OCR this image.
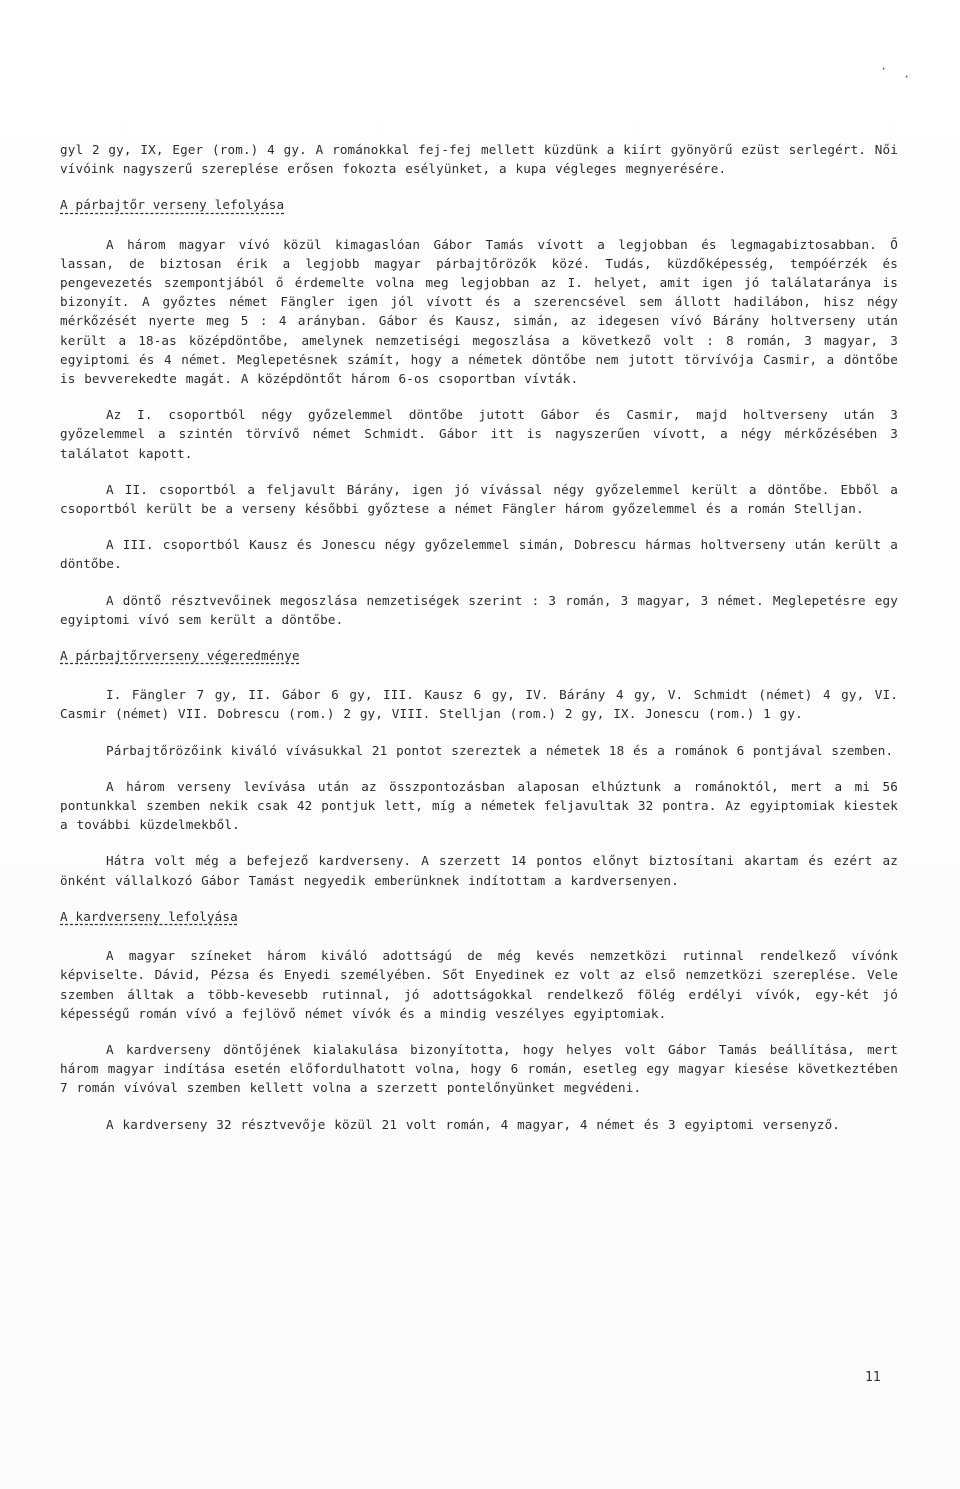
·
·

gyl 2 gy, IX, Eger (rom.) 4 gy. A románokkal fej-fej mellett küzdünk a kiírt gyönyörű ezüst serlegért. Női vívóink nagyszerű szereplése erősen fokozta esélyünket, a kupa végleges megnyerésére.

A párbajtőr verseny lefolyása

A három magyar vívó közül kimagaslóan Gábor Tamás vívott a legjobban és legmagabiztosabban. Ő lassan, de biztosan érik a legjobb magyar párbajtőrözők közé. Tudás, küzdőképesség, tempóérzék és pengevezetés szempontjából ő érdemelte volna meg legjobban az I. helyet, amit igen jó találataránya is bizonyít. A győztes német Fängler igen jól vívott és a szerencsével sem állott hadilábon, hisz négy mérkőzését nyerte meg 5 : 4 arányban. Gábor és Kausz, simán, az idegesen vívó Bárány holtverseny után került a 18-as középdöntőbe, amelynek nemzetiségi megoszlása a következő volt : 8 román, 3 magyar, 3 egyiptomi és 4 német. Meglepetésnek számít, hogy a németek döntőbe nem jutott törvívója Casmir, a döntőbe is bevverekedte magát. A középdöntőt három 6-os csoportban vívták.

Az I. csoportból négy győzelemmel döntőbe jutott Gábor és Casmir, majd holtverseny után 3 győzelemmel a szintén törvívő német Schmidt. Gábor itt is nagyszerűen vívott, a négy mérkőzésében 3 találatot kapott.

A II. csoportból a feljavult Bárány, igen jó vívással négy győzelemmel került a döntőbe. Ebből a csoportból került be a verseny későbbi győztese a német Fängler három győzelemmel és a román Stelljan.

A III. csoportból Kausz és Jonescu négy győzelemmel simán, Dobrescu hármas holtverseny után került a döntőbe.

A döntő résztvevőinek megoszlása nemzetiségek szerint : 3 román, 3 magyar, 3 német. Meglepetésre egy egyiptomi vívó sem került a döntőbe.

A párbajtőrverseny végeredménye

I. Fängler 7 gy, II. Gábor 6 gy, III. Kausz 6 gy, IV. Bárány 4 gy, V. Schmidt (német) 4 gy, VI. Casmir (német) VII. Dobrescu (rom.) 2 gy, VIII. Stelljan (rom.) 2 gy, IX. Jonescu (rom.) 1 gy.

Párbajtőrözőink kiváló vívásukkal 21 pontot szereztek a németek 18 és a románok 6 pontjával szemben.

A három verseny levívása után az összpontozásban alaposan elhúztunk a románoktól, mert a mi 56 pontunkkal szemben nekik csak 42 pontjuk lett, míg a németek feljavultak 32 pontra. Az egyiptomiak kiestek a további küzdelmekből.

Hátra volt még a befejező kardverseny. A szerzett 14 pontos előnyt biztosítani akartam és ezért az önként vállalkozó Gábor Tamást negyedik emberünknek indítottam a kardversenyen.

A kardverseny lefolyása

A magyar színeket három kiváló adottságú de még kevés nemzetközi rutinnal rendelkező vívónk képviselte. Dávid, Pézsa és Enyedi személyében. Sőt Enyedinek ez volt az első nemzetközi szereplése. Vele szemben álltak a több-kevesebb rutinnal, jó adottságokkal rendelkező fölég erdélyi vívók, egy-két jó képességű román vívó a fejlövő német vívók és a mindig veszélyes egyiptomiak.

A kardverseny döntőjének kialakulása bizonyította, hogy helyes volt Gábor Tamás beállítása, mert három magyar indítása esetén előfordulhatott volna, hogy 6 román, esetleg egy magyar kiesése következtében 7 román vívóval szemben kellett volna a szerzett pontelőnyünket megvédeni.

A kardverseny 32 résztvevője közül 21 volt román, 4 magyar, 4 német és 3 egyiptomi versenyző.

11
